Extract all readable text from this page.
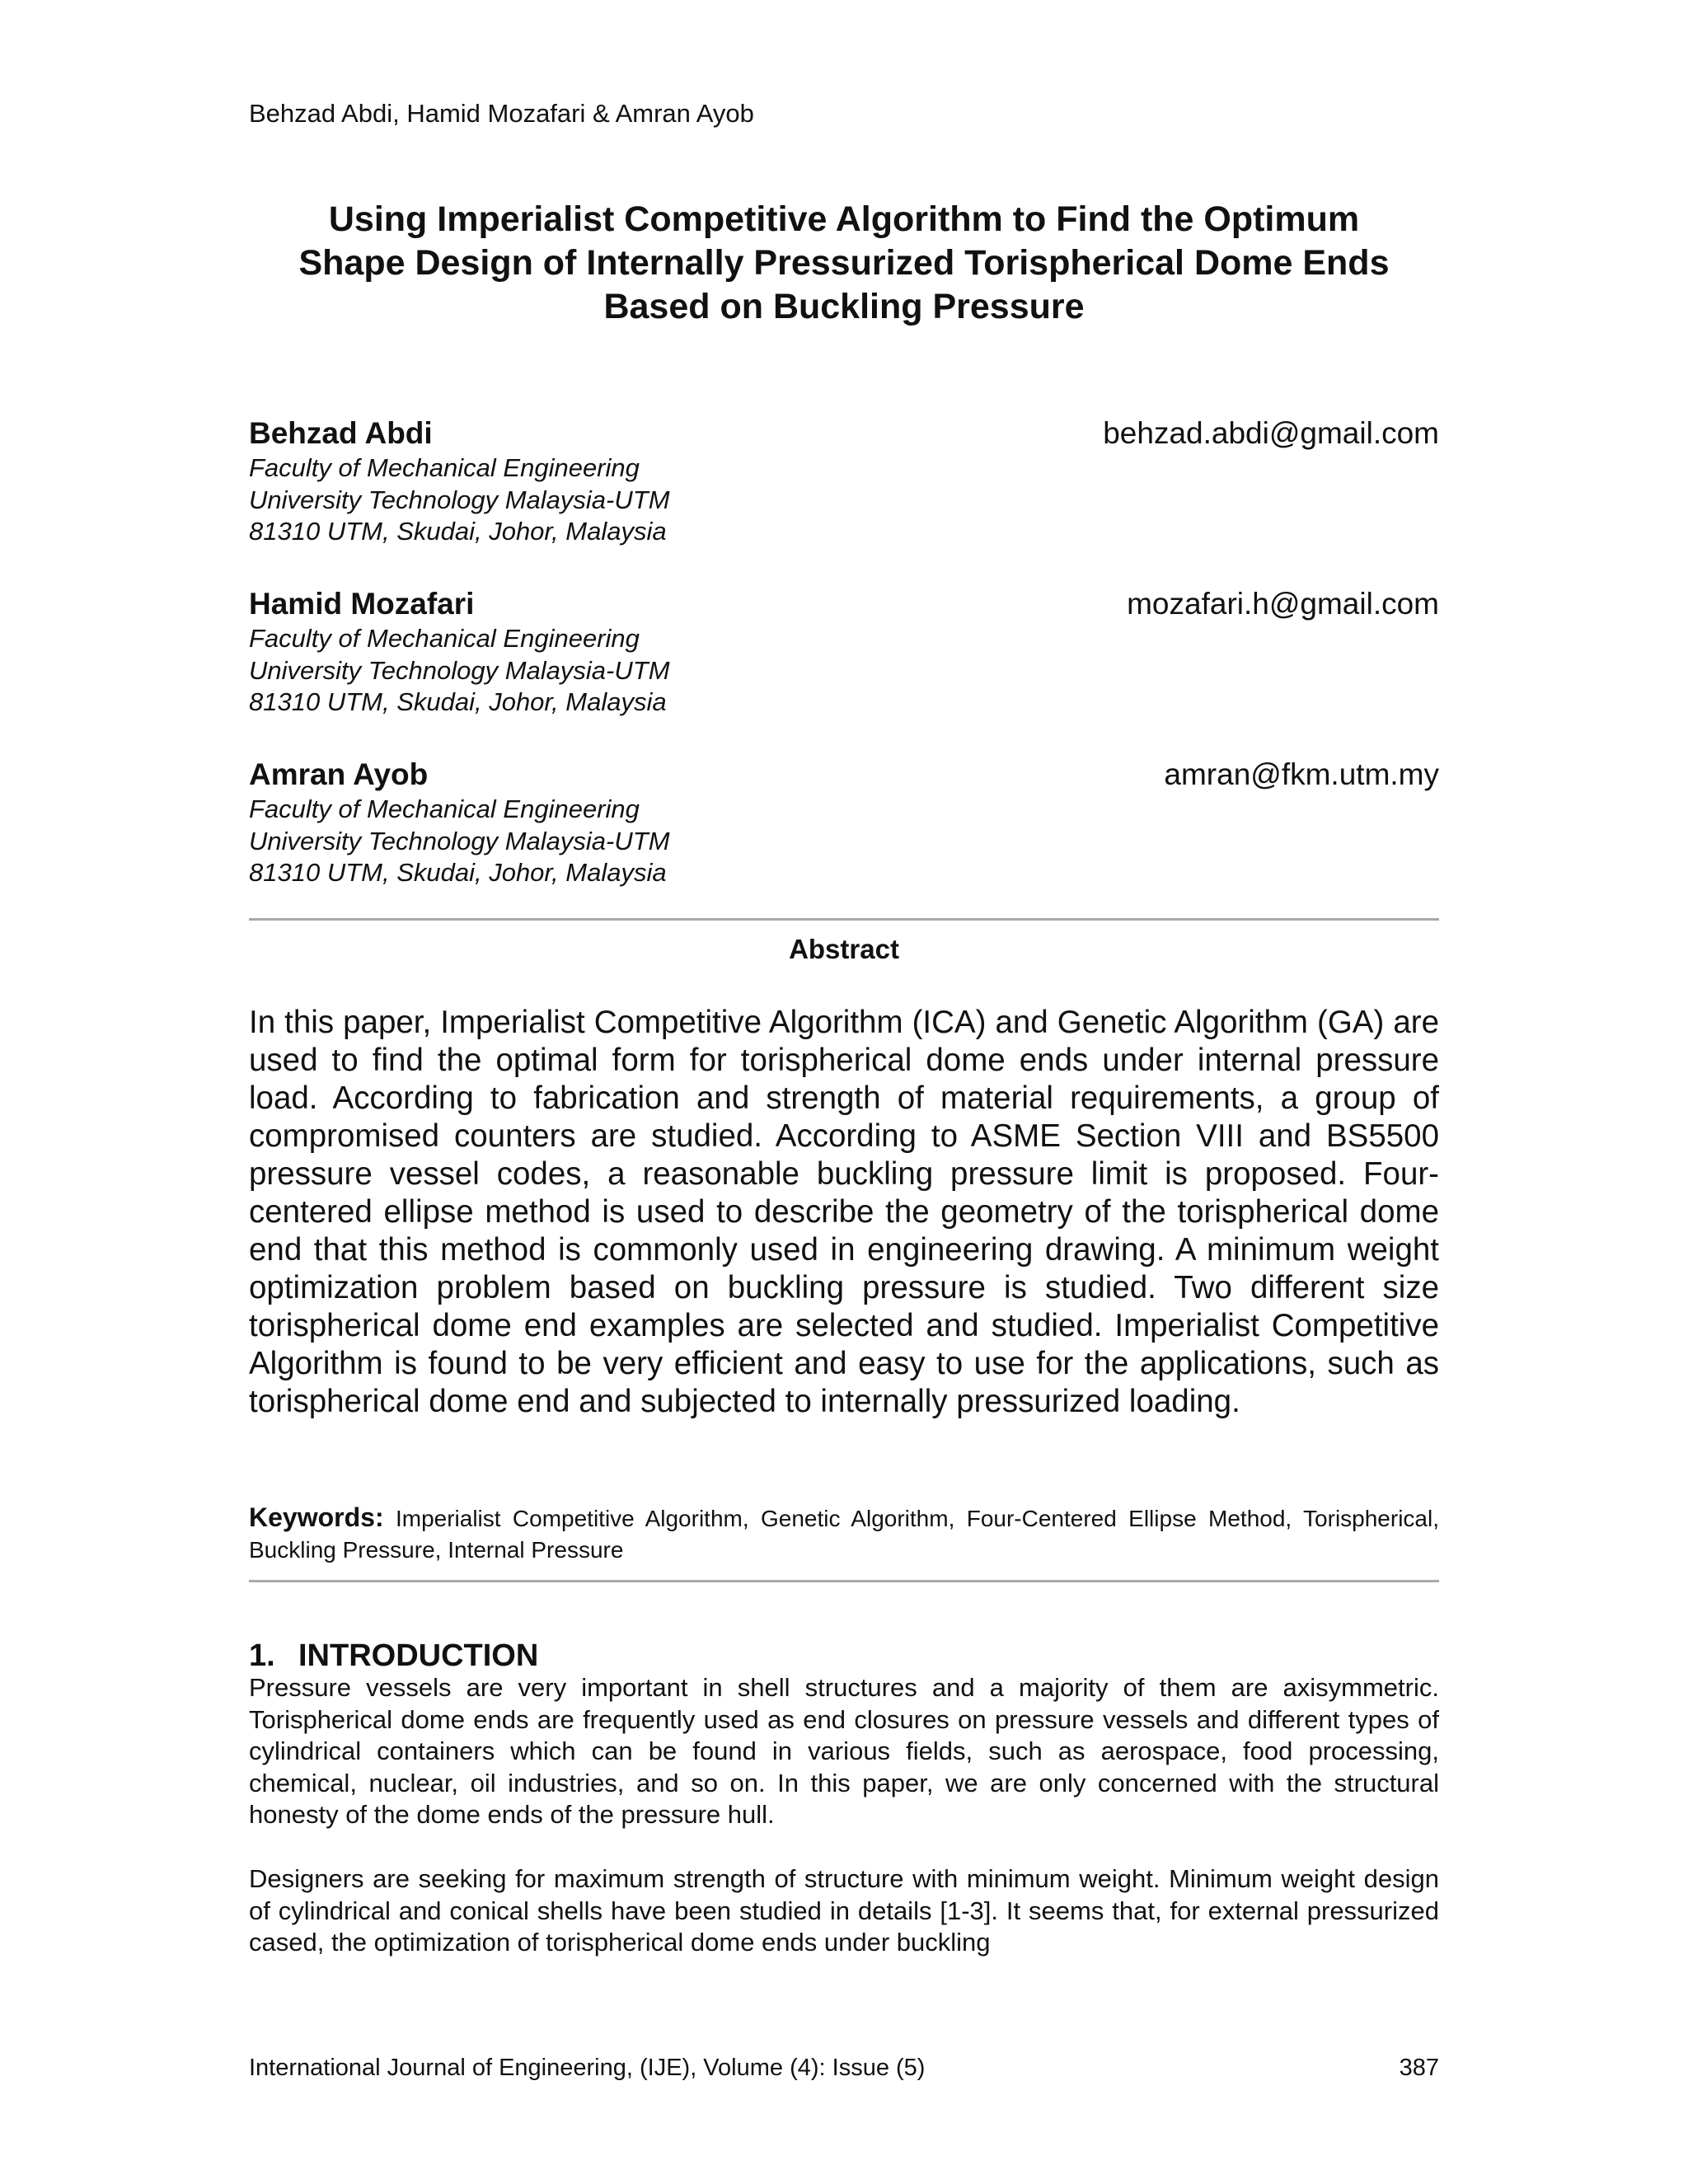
Behzad Abdi, Hamid Mozafari & Amran Ayob
Using Imperialist Competitive Algorithm to Find the Optimum
Shape Design of Internally Pressurized Torispherical Dome Ends
Based on Buckling Pressure
Behzad Abdi	behzad.abdi@gmail.com
Faculty of Mechanical Engineering
University Technology Malaysia-UTM
81310 UTM, Skudai, Johor, Malaysia
Hamid Mozafari	mozafari.h@gmail.com
Faculty of Mechanical Engineering
University Technology Malaysia-UTM
81310 UTM, Skudai, Johor, Malaysia
Amran Ayob	amran@fkm.utm.my
Faculty of Mechanical Engineering
University Technology Malaysia-UTM
81310 UTM, Skudai, Johor, Malaysia
Abstract
In this paper, Imperialist Competitive Algorithm (ICA) and Genetic Algorithm (GA) are used to find the optimal form for torispherical dome ends under internal pressure load. According to fabrication and strength of material requirements, a group of compromised counters are studied. According to ASME Section VIII and BS5500 pressure vessel codes, a reasonable buckling pressure limit is proposed. Four-centered ellipse method is used to describe the geometry of the torispherical dome end that this method is commonly used in engineering drawing. A minimum weight optimization problem based on buckling pressure is studied. Two different size torispherical dome end examples are selected and studied. Imperialist Competitive Algorithm is found to be very efficient and easy to use for the applications, such as torispherical dome end and subjected to internally pressurized loading.
Keywords: Imperialist Competitive Algorithm, Genetic Algorithm, Four-Centered Ellipse Method, Torispherical, Buckling Pressure, Internal Pressure
1. INTRODUCTION
Pressure vessels are very important in shell structures and a majority of them are axisymmetric. Torispherical dome ends are frequently used as end closures on pressure vessels and different types of cylindrical containers which can be found in various fields, such as aerospace, food processing, chemical, nuclear, oil industries, and so on. In this paper, we are only concerned with the structural honesty of the dome ends of the pressure hull.
Designers are seeking for maximum strength of structure with minimum weight. Minimum weight design of cylindrical and conical shells have been studied in details [1-3]. It seems that, for external pressurized cased, the optimization of torispherical dome ends under buckling
International Journal of Engineering, (IJE), Volume (4): Issue (5)	387
